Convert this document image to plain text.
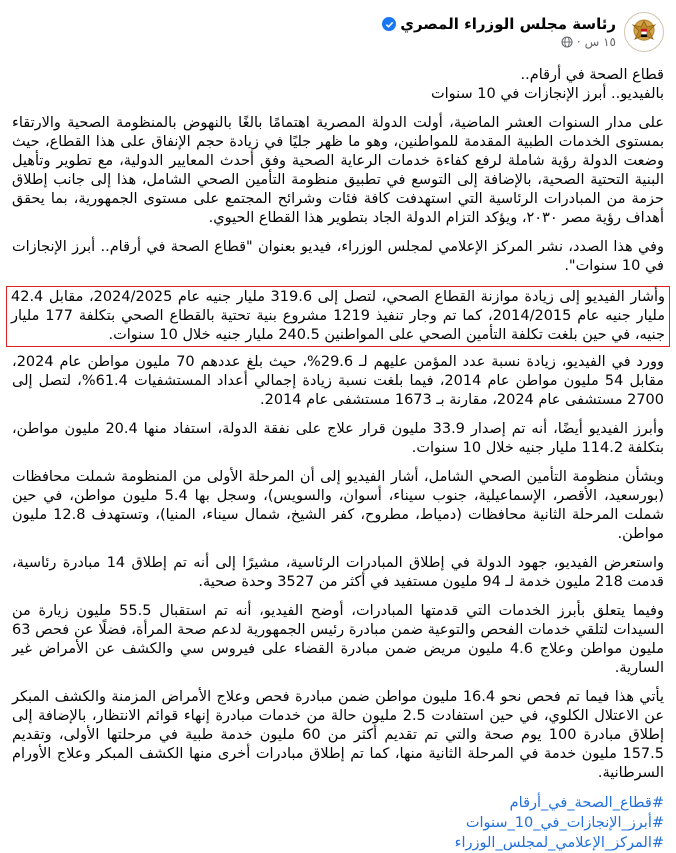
رئاسة مجلس الوزراء المصري
١٥ س
·
قطاع الصحة في أرقام..
بالفيديو.. أبرز الإنجازات في 10 سنوات

على مدار السنوات العشر الماضية، أولت الدولة المصرية اهتمامًا بالغًا بالنهوض بالمنظومة الصحية والارتقاء بمستوى الخدمات الطبية المقدمة للمواطنين، وهو ما ظهر جليًا في زيادة حجم الإنفاق على هذا القطاع، حيث وضعت الدولة رؤية شاملة لرفع كفاءة خدمات الرعاية الصحية وفق أحدث المعايير الدولية، مع تطوير وتأهيل البنية التحتية الصحية، بالإضافة إلى التوسع في تطبيق منظومة التأمين الصحي الشامل، هذا إلى جانب إطلاق حزمة من المبادرات الرئاسية التي استهدفت كافة فئات وشرائح المجتمع على مستوى الجمهورية، بما يحقق أهداف رؤية مصر ٢٠٣٠، ويؤكد التزام الدولة الجاد بتطوير هذا القطاع الحيوي.

وفي هذا الصدد، نشر المركز الإعلامي لمجلس الوزراء، فيديو بعنوان "قطاع الصحة في أرقام.. أبرز الإنجازات في 10 سنوات".

وأشار الفيديو إلى زيادة موازنة القطاع الصحي، لتصل إلى 319.6 مليار جنيه عام 2024/2025، مقابل 42.4 مليار جنيه عام 2014/2015، كما تم وجار تنفيذ 1219 مشروع بنية تحتية بالقطاع الصحي بتكلفة 177 مليار جنيه، في حين بلغت تكلفة التأمين الصحي على المواطنين 240.5 مليار جنيه خلال 10 سنوات.

وورد في الفيديو، زيادة نسبة عدد المؤمن عليهم لـ 29.6%، حيث بلغ عددهم 70 مليون مواطن عام 2024، مقابل 54 مليون مواطن عام 2014، فيما بلغت نسبة زيادة إجمالي أعداد المستشفيات 61.4%، لتصل إلى 2700 مستشفى عام 2024، مقارنة بـ 1673 مستشفى عام 2014.

وأبرز الفيديو أيضًا، أنه تم إصدار 33.9 مليون قرار علاج على نفقة الدولة، استفاد منها 20.4 مليون مواطن، بتكلفة 114.2 مليار جنيه خلال 10 سنوات.

وبشأن منظومة التأمين الصحي الشامل، أشار الفيديو إلى أن المرحلة الأولى من المنظومة شملت محافظات (بورسعيد، الأقصر، الإسماعيلية، جنوب سيناء، أسوان، والسويس)، وسجل بها 5.4 مليون مواطن، في حين شملت المرحلة الثانية محافظات (دمياط، مطروح، كفر الشيخ، شمال سيناء، المنيا)، وتستهدف 12.8 مليون مواطن.

واستعرض الفيديو، جهود الدولة في إطلاق المبادرات الرئاسية، مشيرًا إلى أنه تم إطلاق 14 مبادرة رئاسية، قدمت 218 مليون خدمة لـ 94 مليون مستفيد في أكثر من 3527 وحدة صحية.

وفيما يتعلق بأبرز الخدمات التي قدمتها المبادرات، أوضح الفيديو، أنه تم استقبال 55.5 مليون زيارة من السيدات لتلقي خدمات الفحص والتوعية ضمن مبادرة رئيس الجمهورية لدعم صحة المرأة، فضلًا عن فحص 63 مليون مواطن وعلاج 4.6 مليون مريض ضمن مبادرة القضاء على فيروس سي والكشف عن الأمراض غير السارية.

يأتي هذا فيما تم فحص نحو 16.4 مليون مواطن ضمن مبادرة فحص وعلاج الأمراض المزمنة والكشف المبكر عن الاعتلال الكلوي، في حين استفادت 2.5 مليون حالة من خدمات مبادرة إنهاء قوائم الانتظار، بالإضافة إلى إطلاق مبادرة 100 يوم صحة والتي تم تقديم أكثر من 60 مليون خدمة طبية في مرحلتها الأولى، وتقديم 157.5 مليون خدمة في المرحلة الثانية منها، كما تم إطلاق مبادرات أخرى منها الكشف المبكر وعلاج الأورام السرطانية.

#قطاع_الصحة_في_أرقام
#أبرز_الإنجازات_في_10_سنوات
#المركز_الإعلامي_لمجلس_الوزراء
